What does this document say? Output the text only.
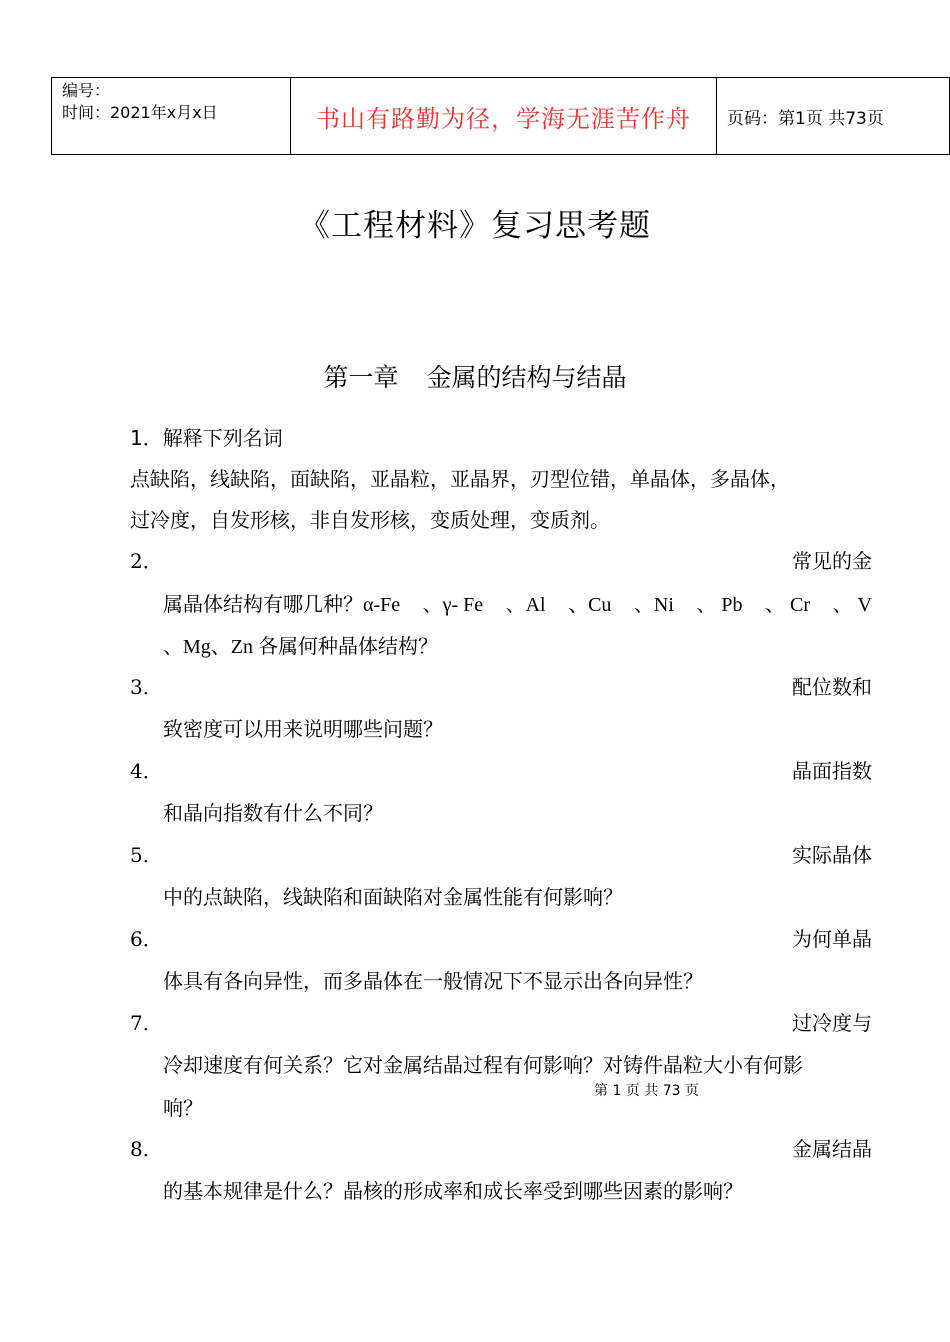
编号：
时间：2021年x月x日	书山有路勤为径，学海无涯苦作舟	页码：第1页 共73页
《工程材料》复习思考题
第一章 金属的结构与结晶
1．解释下列名词
点缺陷，线缺陷，面缺陷，亚晶粒，亚晶界，刃型位错，单晶体，多晶体，
过冷度，自发形核，非自发形核，变质处理，变质剂。
2．	常见的金
属晶体结构有哪几种？α-Fe 、γ- Fe 、Al 、Cu 、Ni 、 Pb 、 Cr 、 V
、Mg、Zn 各属何种晶体结构？
3．	配位数和
致密度可以用来说明哪些问题？
4．	晶面指数
和晶向指数有什么不同？
5．	实际晶体
中的点缺陷，线缺陷和面缺陷对金属性能有何影响？
6．	为何单晶
体具有各向异性，而多晶体在一般情况下不显示出各向异性？
7．	过冷度与
冷却速度有何关系？它对金属结晶过程有何影响？对铸件晶粒大小有何影
响？
第 1 页 共 73 页
8．	金属结晶
的基本规律是什么？晶核的形成率和成长率受到哪些因素的影响？
